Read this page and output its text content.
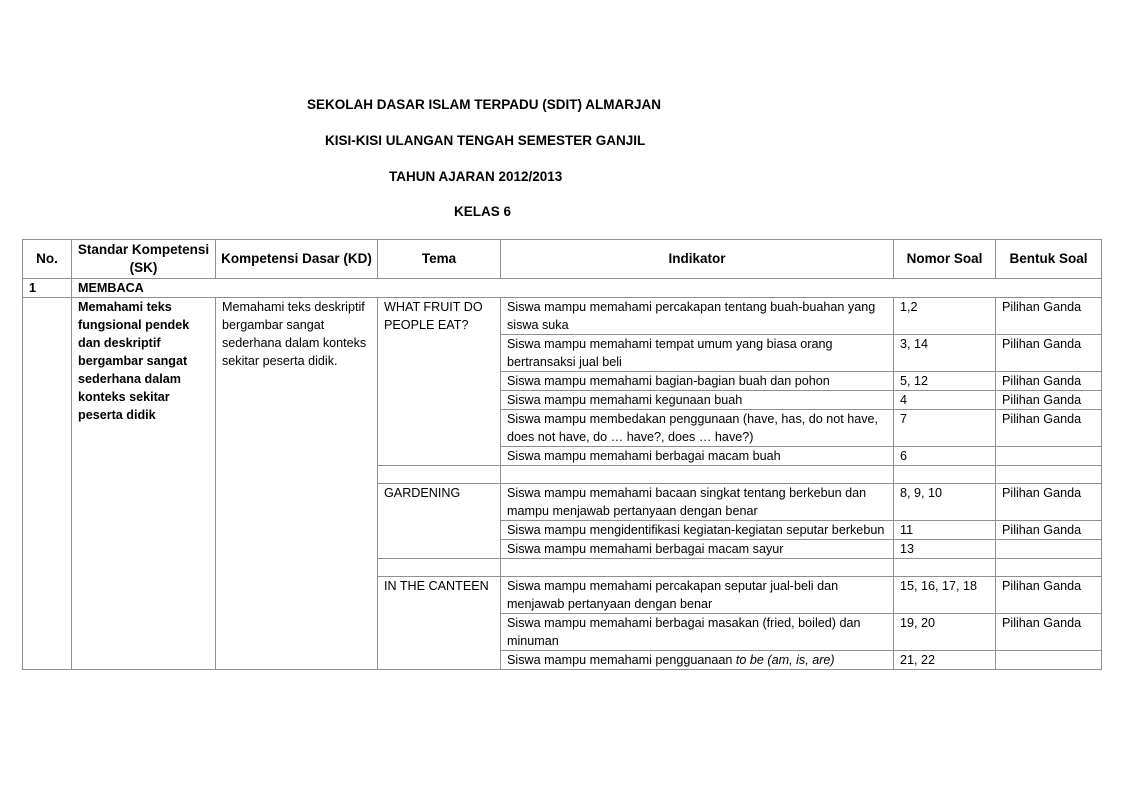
SEKOLAH DASAR ISLAM TERPADU (SDIT) ALMARJAN
KISI-KISI ULANGAN TENGAH SEMESTER GANJIL
TAHUN AJARAN 2012/2013
KELAS 6
No.	Standar Kompetensi (SK)	Kompetensi Dasar (KD)	Tema	Indikator	Nomor Soal	Bentuk Soal
1	MEMBACA					
	Memahami teks fungsional pendek dan deskriptif bergambar sangat sederhana dalam konteks sekitar peserta didik	Memahami teks deskriptif bergambar sangat sederhana dalam konteks sekitar peserta didik.	WHAT FRUIT DO PEOPLE EAT?	Siswa mampu memahami percakapan tentang buah-buahan yang siswa suka	1,2	Pilihan Ganda
				Siswa mampu memahami tempat umum yang biasa orang bertransaksi jual beli	3, 14	Pilihan Ganda
				Siswa mampu memahami bagian-bagian buah dan pohon	5, 12	Pilihan Ganda
				Siswa mampu memahami kegunaan buah	4	Pilihan Ganda
				Siswa mampu membedakan penggunaan (have, has, do not have, does not have, do … have?, does … have?)	7	Pilihan Ganda
				Siswa mampu memahami berbagai macam buah	6	

			GARDENING	Siswa mampu memahami bacaan singkat tentang berkebun dan mampu menjawab pertanyaan dengan benar	8, 9, 10	Pilihan Ganda
				Siswa mampu mengidentifikasi kegiatan-kegiatan seputar berkebun	11	Pilihan Ganda
				Siswa mampu memahami berbagai macam sayur	13	

			IN THE CANTEEN	Siswa mampu memahami percakapan seputar jual-beli dan menjawab pertanyaan dengan benar	15, 16, 17, 18	Pilihan Ganda
				Siswa mampu memahami berbagai masakan (fried, boiled) dan minuman	19, 20	Pilihan Ganda
				Siswa mampu memahami pengguanaan to be (am, is, are)	21, 22	
